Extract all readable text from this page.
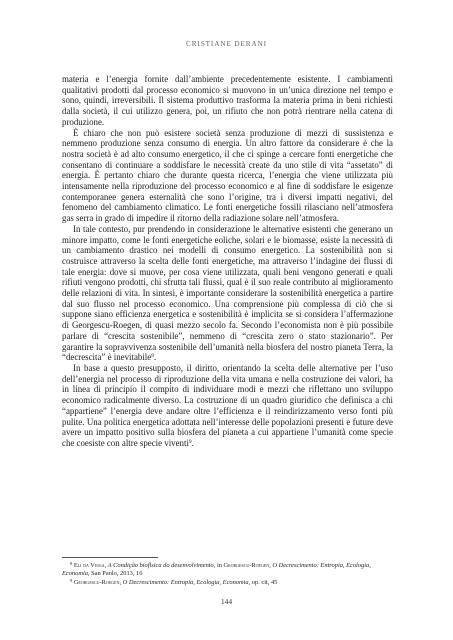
CRISTIANE DERANI

materia e l’energia fornite dall’ambiente precedentemente esistente. I cambiamenti qualitativi prodotti dal processo economico si muovono in un’unica direzione nel tempo e sono, quindi, irreversibili. Il sistema produttivo trasforma la materia prima in beni richiesti dalla società, il cui utilizzo genera, poi, un rifiuto che non potrà rientrare nella catena di produzione.

È chiaro che non può esistere società senza produzione di mezzi di sussistenza e nemmeno produzione senza consumo di energia. Un altro fattore da considerare è che la nostra società è ad alto consumo energetico, il che ci spinge a cercare fonti energetiche che consentano di continuare a soddisfare le necessità create da uno stile di vita “assetato” di energia. È pertanto chiaro che durante questa ricerca, l’energia che viene utilizzata più intensamente nella riproduzione del processo economico e al fine di soddisfare le esigenze contemporanee genera esternalità che sono l’origine, tra i diversi impatti negativi, del fenomeno del cambiamento climatico. Le fonti energetiche fossili rilasciano nell’atmosfera gas serra in grado di impedire il ritorno della radiazione solare nell’atmosfera.

In tale contesto, pur prendendo in considerazione le alternative esistenti che generano un minore impatto, come le fonti energetiche eoliche, solari e le biomasse, esiste la necessità di un cambiamento drastico nei modelli di consumo energetico. La sostenibilità non si costruisce attraverso la scelta delle fonti energetiche, ma attraverso l’indagine dei flussi di tale energia: dove si muove, per cosa viene utilizzata, quali beni vengono generati e quali rifiuti vengono prodotti, chi sfrutta tali flussi, qual è il suo reale contributo al miglioramento delle relazioni di vita. In sintesi, è importante considerare la sostenibilità energetica a partire dal suo flusso nel processo economico. Una comprensione più complessa di ciò che si suppone siano efficienza energetica e sostenibilità è implicita se si considera l’affermazione di Georgescu-Roegen, di quasi mezzo secolo fa. Secondo l’economista non è più possibile parlare di “crescita sostenibile”, nemmeno di “crescita zero o stato stazionario”. Per garantire la sopravvivenza sostenibile dell’umanità nella biosfera del nostro pianeta Terra, la “decrescita” è inevitabile$^8$.

In base a questo presupposto, il diritto, orientando la scelta delle alternative per l’uso dell’energia nel processo di riproduzione della vita umana e nella costruzione dei valori, ha in linea di principio il compito di individuare modi e mezzi che riflettano uno sviluppo economico radicalmente diverso. La costruzione di un quadro giuridico che definisca a chi “appartiene” l’energia deve andare oltre l’efficienza e il reindirizzamento verso fonti più pulite. Una politica energetica adottata nell’interesse delle popolazioni presenti e future deve avere un impatto positivo sulla biosfera del pianeta a cui appartiene l’umanità come specie che coesiste con altre specie viventi$^9$.

$^8$ Eli da Veiga, A Condição bioflsica do desenvolvimento, in Georgescu-Roegen, O Decrescimento: Entropia, Ecologia, Economia, San Paolo, 2013, 16

$^9$ Georgescu-Roegen, O Decrescimento: Entropia, Ecologia, Economia, op. cit, 45

144
